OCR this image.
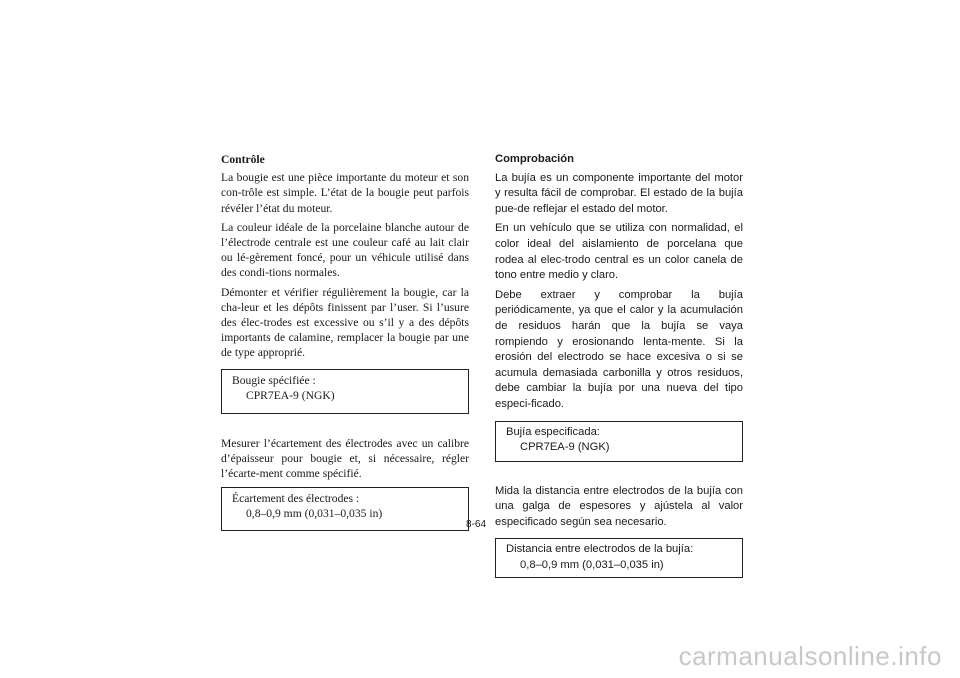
Contrôle

La bougie est une pièce importante du moteur et son con-trôle est simple. L’état de la bougie peut parfois révéler l’état du moteur.

La couleur idéale de la porcelaine blanche autour de l’électrode centrale est une couleur café au lait clair ou lé-gèrement foncé, pour un véhicule utilisé dans des condi-tions normales.

Démonter et vérifier régulièrement la bougie, car la cha-leur et les dépôts finissent par l’user. Si l’usure des élec-trodes est excessive ou s’il y a des dépôts importants de calamine, remplacer la bougie par une de type approprié.

Bougie spécifiée :
CPR7EA-9 (NGK)

Mesurer l’écartement des électrodes avec un calibre d’épaisseur pour bougie et, si nécessaire, régler l’écarte-ment comme spécifié.

Écartement des électrodes :
0,8–0,9 mm (0,031–0,035 in)
Comprobación

La bujía es un componente importante del motor y resulta fácil de comprobar. El estado de la bujía pue-de reflejar el estado del motor.

En un vehículo que se utiliza con normalidad, el color ideal del aislamiento de porcelana que rodea al elec-trodo central es un color canela de tono entre medio y claro.

Debe extraer y comprobar la bujía periódicamente, ya que el calor y la acumulación de residuos harán que la bujía se vaya rompiendo y erosionando lenta-mente. Si la erosión del electrodo se hace excesiva o si se acumula demasiada carbonilla y otros residuos, debe cambiar la bujía por una nueva del tipo especi-ficado.

Bujía especificada:
CPR7EA-9 (NGK)

Mida la distancia entre electrodos de la bujía con una galga de espesores y ajústela al valor especificado según sea necesario.

Distancia entre electrodos de la bujía:
0,8–0,9 mm (0,031–0,035 in)
8-64
carmanualsonline.info
